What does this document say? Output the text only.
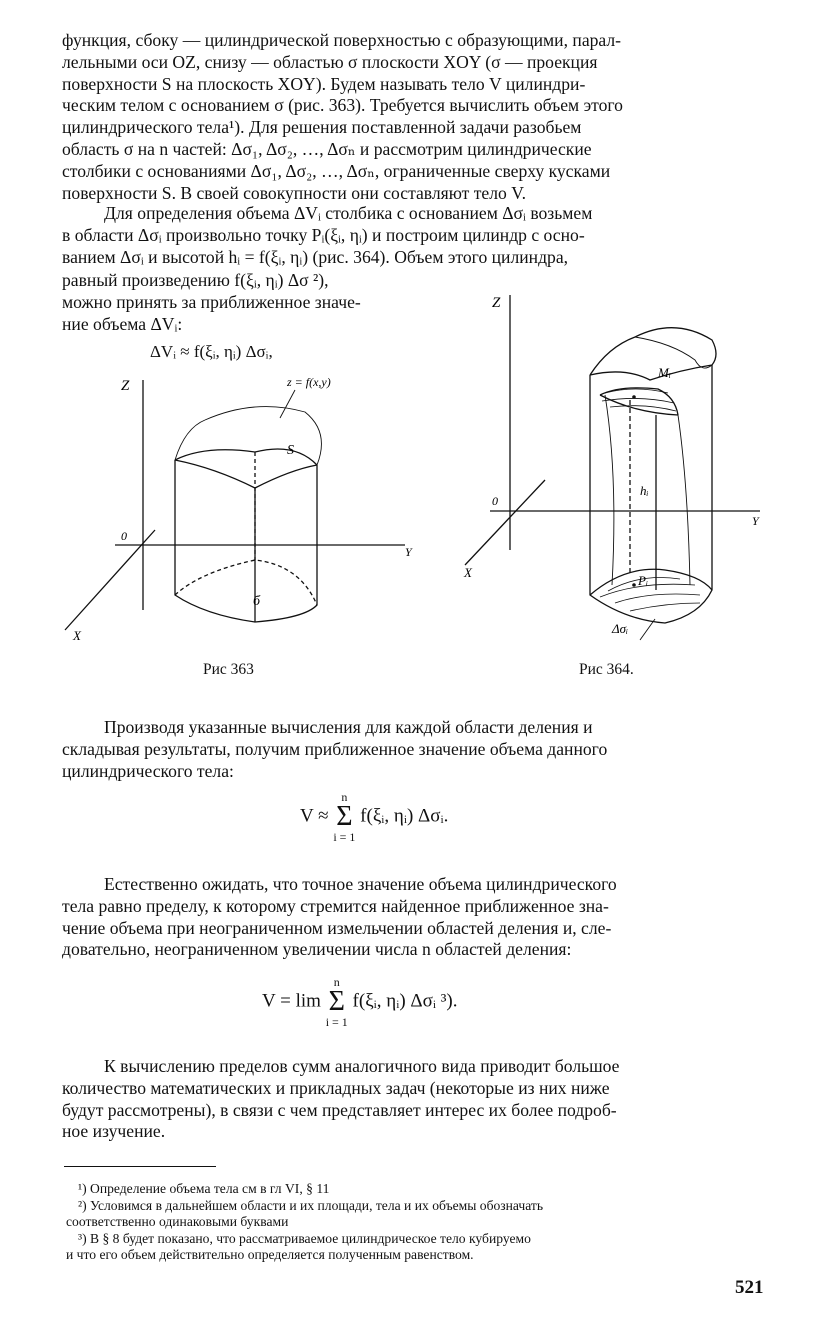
функция, сбоку — цилиндрической поверхностью с образующими, парал-
лельными оси OZ, снизу — областью σ плоскости XOY (σ — проекция
поверхности S на плоскость XOY). Будем называть тело V цилиндри-
ческим телом с основанием σ (рис. 363). Требуется вычислить объем этого
цилиндрического тела¹). Для решения поставленной задачи разобьем
область σ на n частей: Δσ₁, Δσ₂, …, Δσₙ и рассмотрим цилиндрические
столбики с основаниями Δσ₁, Δσ₂, …, Δσₙ, ограниченные сверху кусками
поверхности S. В своей совокупности они составляют тело V.
Для определения объема ΔVᵢ столбика с основанием Δσᵢ возьмем
в области Δσᵢ произвольно точку Pᵢ(ξᵢ, ηᵢ) и построим цилиндр с осно-
ванием Δσᵢ и высотой hᵢ = f(ξᵢ, ηᵢ) (рис. 364). Объем этого цилиндра,
равный произведению f(ξᵢ, ηᵢ) Δσ ²),
можно принять за приближенное значе-
ние объема ΔVᵢ:
ΔVᵢ ≈ f(ξᵢ, ηᵢ) Δσᵢ,
Z
0
Y
X
z = f(x,y)
S
б
Рис 363
Z
0
Y
X
Mᵢ
hᵢ
Pᵢ
Δσᵢ
Рис 364.
Производя указанные вычисления для каждой области деления и
складывая результаты, получим приближенное значение объема данного
цилиндрического тела:
V ≈
n
Σ
i = 1
f(ξᵢ, ηᵢ) Δσᵢ.
Естественно ожидать, что точное значение объема цилиндрического
тела равно пределу, к которому стремится найденное приближенное зна-
чение объема при неограниченном измельчении областей деления и, сле-
довательно, неограниченном увеличении числа n областей деления:
V = lim
n
Σ
i = 1
f(ξᵢ, ηᵢ) Δσᵢ ³).
К вычислению пределов сумм аналогичного вида приводит большое
количество математических и прикладных задач (некоторые из них ниже
будут рассмотрены), в связи с чем представляет интерес их более подроб-
ное изучение.
¹) Определение объема тела см в гл VI, § 11
²) Условимся в дальнейшем области и их площади, тела и их объемы обозначать
соответственно одинаковыми буквами
³) В § 8 будет показано, что рассматриваемое цилиндрическое тело кубируемо
и что его объем действительно определяется полученным равенством.
521
